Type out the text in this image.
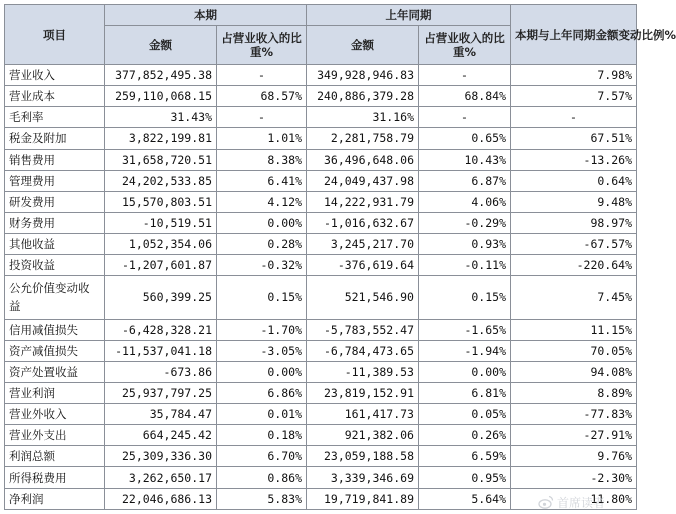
项目	本期		上年同期		本期与上年同期金额变动比例%
	金额	占营业收入的比重%	金额	占营业收入的比重%	
营业收入	377,852,495.38	-	349,928,946.83	-	7.98%
营业成本	259,110,068.15	68.57%	240,886,379.28	68.84%	7.57%
毛利率	31.43%	-	31.16%	-	-
税金及附加	3,822,199.81	1.01%	2,281,758.79	0.65%	67.51%
销售费用	31,658,720.51	8.38%	36,496,648.06	10.43%	-13.26%
管理费用	24,202,533.85	6.41%	24,049,437.98	6.87%	0.64%
研发费用	15,570,803.51	4.12%	14,222,931.79	4.06%	9.48%
财务费用	-10,519.51	0.00%	-1,016,632.67	-0.29%	98.97%
其他收益	1,052,354.06	0.28%	3,245,217.70	0.93%	-67.57%
投资收益	-1,207,601.87	-0.32%	-376,619.64	-0.11%	-220.64%
公允价值变动收益	560,399.25	0.15%	521,546.90	0.15%	7.45%
信用减值损失	-6,428,328.21	-1.70%	-5,783,552.47	-1.65%	11.15%
资产减值损失	-11,537,041.18	-3.05%	-6,784,473.65	-1.94%	70.05%
资产处置收益	-673.86	0.00%	-11,389.53	0.00%	94.08%
营业利润	25,937,797.25	6.86%	23,819,152.91	6.81%	8.89%
营业外收入	35,784.47	0.01%	161,417.73	0.05%	-77.83%
营业外支出	664,245.42	0.18%	921,382.06	0.26%	-27.91%
利润总额	25,309,336.30	6.70%	23,059,188.58	6.59%	9.76%
所得税费用	3,262,650.17	0.86%	3,339,346.69	0.95%	-2.30%
净利润	22,046,686.13	5.83%	19,719,841.89	5.64%	11.80%
首席读者
